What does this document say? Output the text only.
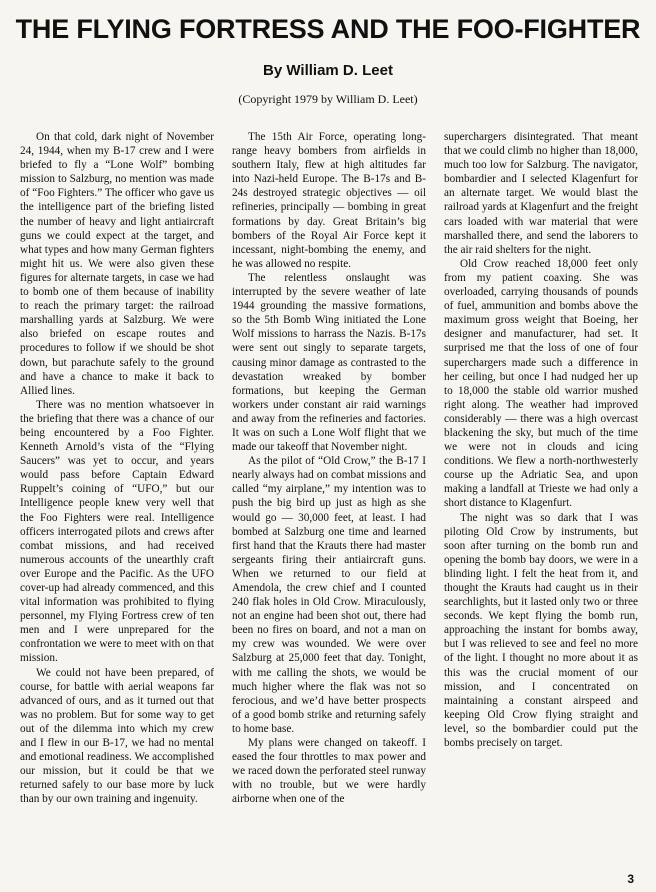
THE FLYING FORTRESS AND THE FOO-FIGHTER
By William D. Leet
(Copyright 1979 by William D. Leet)

On that cold, dark night of November 24, 1944, when my B-17 crew and I were briefed to fly a “Lone Wolf” bombing mission to Salzburg, no mention was made of “Foo Fighters.” The officer who gave us the intelligence part of the briefing listed the number of heavy and light antiaircraft guns we could expect at the target, and what types and how many German fighters might hit us. We were also given these figures for alternate targets, in case we had to bomb one of them because of inability to reach the primary target: the railroad marshalling yards at Salzburg. We were also briefed on escape routes and procedures to follow if we should be shot down, but parachute safely to the ground and have a chance to make it back to Allied lines.

There was no mention whatsoever in the briefing that there was a chance of our being encountered by a Foo Fighter. Kenneth Arnold’s vista of the “Flying Saucers” was yet to occur, and years would pass before Captain Edward Ruppelt’s coining of “UFO,” but our Intelligence people knew very well that the Foo Fighters were real. Intelligence officers interrogated pilots and crews after combat missions, and had received numerous accounts of the unearthly craft over Europe and the Pacific. As the UFO cover-up had already commenced, and this vital information was prohibited to flying personnel, my Flying Fortress crew of ten men and I were unprepared for the confrontation we were to meet with on that mission.

We could not have been prepared, of course, for battle with aerial weapons far advanced of ours, and as it turned out that was no problem. But for some way to get out of the dilemma into which my crew and I flew in our B-17, we had no mental and emotional readiness. We accomplished our mission, but it could be that we returned safely to our base more by luck than by our own training and ingenuity.

The 15th Air Force, operating long-range heavy bombers from airfields in southern Italy, flew at high altitudes far into Nazi-held Europe. The B-17s and B-24s destroyed strategic objectives — oil refineries, principally — bombing in great formations by day. Great Britain’s big bombers of the Royal Air Force kept it incessant, night-bombing the enemy, and he was allowed no respite.

The relentless onslaught was interrupted by the severe weather of late 1944 grounding the massive formations, so the 5th Bomb Wing initiated the Lone Wolf missions to harrass the Nazis. B-17s were sent out singly to separate targets, causing minor damage as contrasted to the devastation wreaked by bomber formations, but keeping the German workers under constant air raid warnings and away from the refineries and factories. It was on such a Lone Wolf flight that we made our takeoff that November night.

As the pilot of “Old Crow,” the B-17 I nearly always had on combat missions and called “my airplane,” my intention was to push the big bird up just as high as she would go — 30,000 feet, at least. I had bombed at Salzburg one time and learned first hand that the Krauts there had master sergeants firing their antiaircraft guns. When we returned to our field at Amendola, the crew chief and I counted 240 flak holes in Old Crow. Miraculously, not an engine had been shot out, there had been no fires on board, and not a man on my crew was wounded. We were over Salzburg at 25,000 feet that day. Tonight, with me calling the shots, we would be much higher where the flak was not so ferocious, and we’d have better prospects of a good bomb strike and returning safely to home base.

My plans were changed on takeoff. I eased the four throttles to max power and we raced down the perforated steel runway with no trouble, but we were hardly airborne when one of the

superchargers disintegrated. That meant that we could climb no higher than 18,000, much too low for Salzburg. The navigator, bombardier and I selected Klagenfurt for an alternate target. We would blast the railroad yards at Klagenfurt and the freight cars loaded with war material that were marshalled there, and send the laborers to the air raid shelters for the night.

Old Crow reached 18,000 feet only from my patient coaxing. She was overloaded, carrying thousands of pounds of fuel, ammunition and bombs above the maximum gross weight that Boeing, her designer and manufacturer, had set. It surprised me that the loss of one of four superchargers made such a difference in her ceiling, but once I had nudged her up to 18,000 the stable old warrior mushed right along. The weather had improved considerably — there was a high overcast blackening the sky, but much of the time we were not in clouds and icing conditions. We flew a north-northwesterly course up the Adriatic Sea, and upon making a landfall at Trieste we had only a short distance to Klagenfurt.

The night was so dark that I was piloting Old Crow by instruments, but soon after turning on the bomb run and opening the bomb bay doors, we were in a blinding light. I felt the heat from it, and thought the Krauts had caught us in their searchlights, but it lasted only two or three seconds. We kept flying the bomb run, approaching the instant for bombs away, but I was relieved to see and feel no more of the light. I thought no more about it as this was the crucial moment of our mission, and I concentrated on maintaining a constant airspeed and keeping Old Crow flying straight and level, so the bombardier could put the bombs precisely on target.

3
